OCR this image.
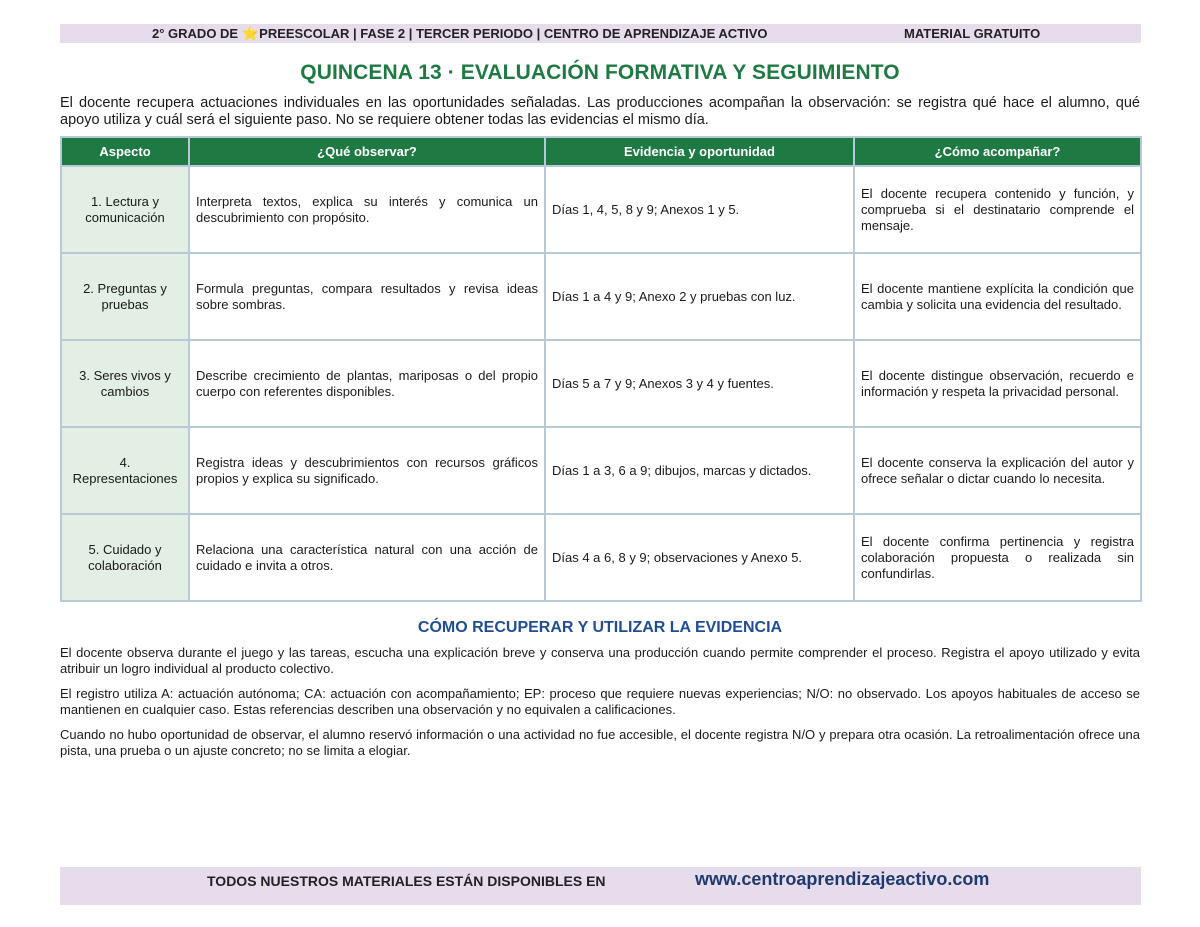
2° GRADO DE ⭐PREESCOLAR | FASE 2 | TERCER PERIODO | CENTRO DE APRENDIZAJE ACTIVO	MATERIAL GRATUITO
QUINCENA 13 · EVALUACIÓN FORMATIVA Y SEGUIMIENTO

El docente recupera actuaciones individuales en las oportunidades señaladas. Las producciones acompañan la observación: se registra qué hace el alumno, qué apoyo utiliza y cuál será el siguiente paso. No se requiere obtener todas las evidencias el mismo día.

Aspecto	¿Qué observar?	Evidencia y oportunidad	¿Cómo acompañar?
1. Lectura y comunicación	Interpreta textos, explica su interés y comunica un descubrimiento con propósito.	Días 1, 4, 5, 8 y 9; Anexos 1 y 5.	El docente recupera contenido y función, y comprueba si el destinatario comprende el mensaje.
2. Preguntas y pruebas	Formula preguntas, compara resultados y revisa ideas sobre sombras.	Días 1 a 4 y 9; Anexo 2 y pruebas con luz.	El docente mantiene explícita la condición que cambia y solicita una evidencia del resultado.
3. Seres vivos y cambios	Describe crecimiento de plantas, mariposas o del propio cuerpo con referentes disponibles.	Días 5 a 7 y 9; Anexos 3 y 4 y fuentes.	El docente distingue observación, recuerdo e información y respeta la privacidad personal.
4. Representaciones	Registra ideas y descubrimientos con recursos gráficos propios y explica su significado.	Días 1 a 3, 6 a 9; dibujos, marcas y dictados.	El docente conserva la explicación del autor y ofrece señalar o dictar cuando lo necesita.
5. Cuidado y colaboración	Relaciona una característica natural con una acción de cuidado e invita a otros.	Días 4 a 6, 8 y 9; observaciones y Anexo 5.	El docente confirma pertinencia y registra colaboración propuesta o realizada sin confundirlas.
CÓMO RECUPERAR Y UTILIZAR LA EVIDENCIA

El docente observa durante el juego y las tareas, escucha una explicación breve y conserva una producción cuando permite comprender el proceso. Registra el apoyo utilizado y evita atribuir un logro individual al producto colectivo.

El registro utiliza A: actuación autónoma; CA: actuación con acompañamiento; EP: proceso que requiere nuevas experiencias; N/O: no observado. Los apoyos habituales de acceso se mantienen en cualquier caso. Estas referencias describen una observación y no equivalen a calificaciones.

Cuando no hubo oportunidad de observar, el alumno reservó información o una actividad no fue accesible, el docente registra N/O y prepara otra ocasión. La retroalimentación ofrece una pista, una prueba o un ajuste concreto; no se limita a elogiar.

TODOS NUESTROS MATERIALES ESTÁN DISPONIBLES EN	www.centroaprendizajeactivo.com
